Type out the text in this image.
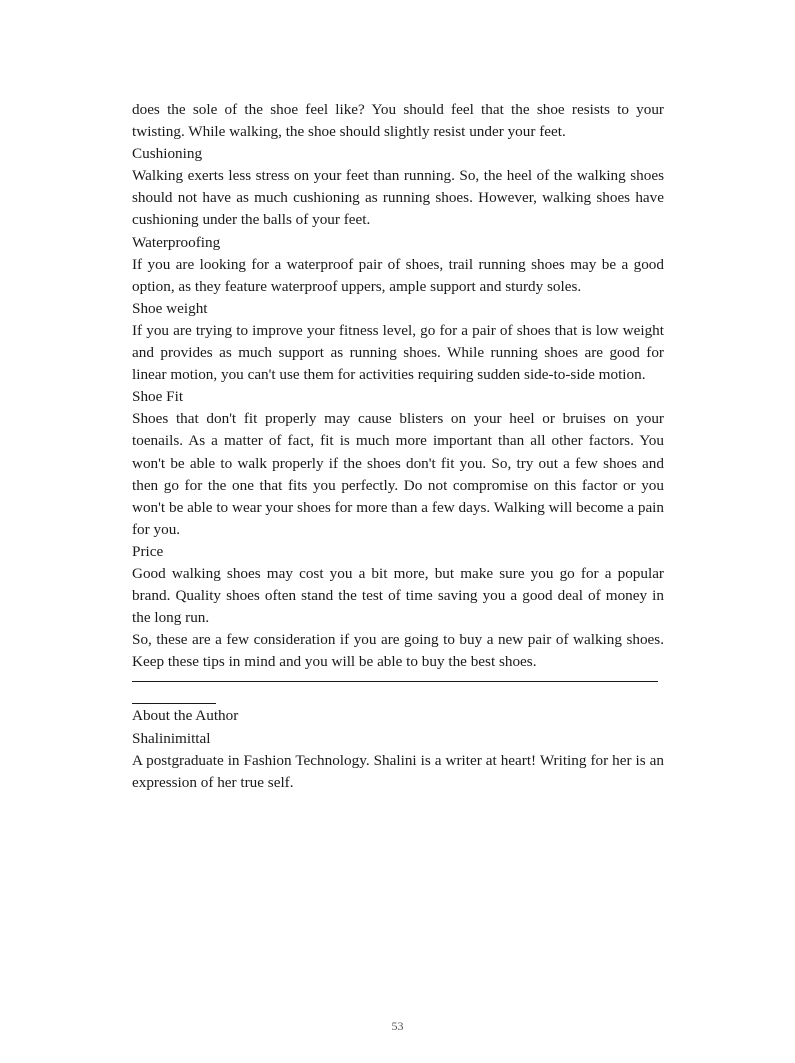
does the sole of the shoe feel like? You should feel that the shoe resists to your twisting. While walking, the shoe should slightly resist under your feet.

Cushioning

Walking exerts less stress on your feet than running. So, the heel of the walking shoes should not have as much cushioning as running shoes. However, walking shoes have cushioning under the balls of your feet.

Waterproofing

If you are looking for a waterproof pair of shoes, trail running shoes may be a good option, as they feature waterproof uppers, ample support and sturdy soles.

Shoe weight

If you are trying to improve your fitness level, go for a pair of shoes that is low weight and provides as much support as running shoes. While running shoes are good for linear motion, you can't use them for activities requiring sudden side-to-side motion.

Shoe Fit

Shoes that don't fit properly may cause blisters on your heel or bruises on your toenails. As a matter of fact, fit is much more important than all other factors. You won't be able to walk properly if the shoes don't fit you. So, try out a few shoes and then go for the one that fits you perfectly. Do not compromise on this factor or you won't be able to wear your shoes for more than a few days. Walking will become a pain for you.

Price

Good walking shoes may cost you a bit more, but make sure you go for a popular brand. Quality shoes often stand the test of time saving you a good deal of money in the long run.

So, these are a few consideration if you are going to buy a new pair of walking shoes. Keep these tips in mind and you will be able to buy the best shoes.

About the Author

Shalinimittal

A postgraduate in Fashion Technology. Shalini is a writer at heart! Writing for her is an expression of her true self.

53
